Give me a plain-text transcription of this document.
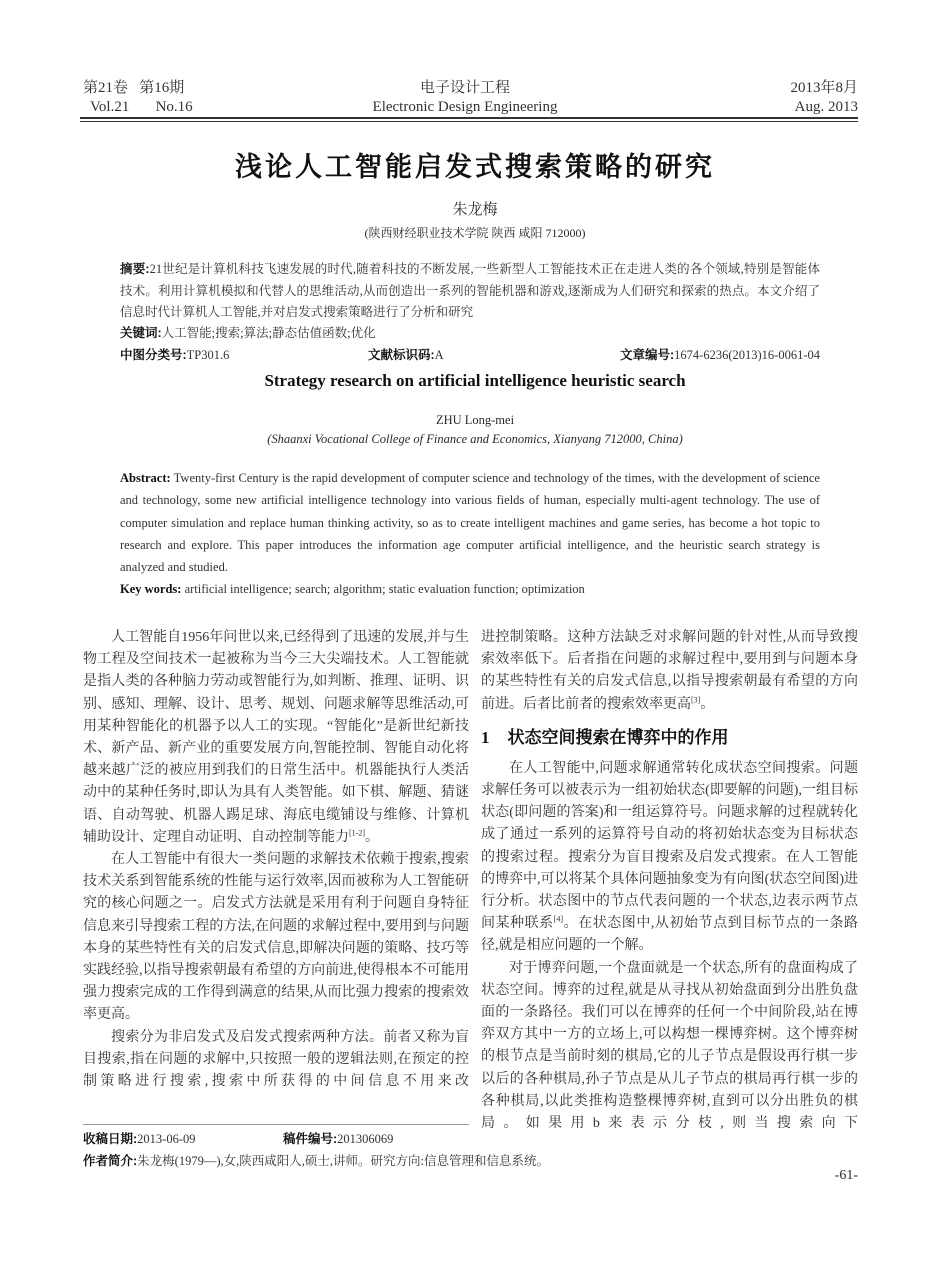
第21卷 第16期
Vol.21 No.16
电子设计工程
Electronic Design Engineering
2013年8月
Aug. 2013
浅论人工智能启发式搜索策略的研究
朱龙梅
(陕西财经职业技术学院 陕西 咸阳 712000)
摘要:21世纪是计算机科技飞速发展的时代,随着科技的不断发展,一些新型人工智能技术正在走进人类的各个领域,特别是智能体技术。利用计算机模拟和代替人的思维活动,从而创造出一系列的智能机器和游戏,逐渐成为人们研究和探索的热点。本文介绍了信息时代计算机人工智能,并对启发式搜索策略进行了分析和研究
关键词:人工智能;搜索;算法;静态估值函数;优化
中图分类号:TP301.6	文献标识码:A	文章编号:1674-6236(2013)16-0061-04
Strategy research on artificial intelligence heuristic search
ZHU Long-mei
(Shaanxi Vocational College of Finance and Economics, Xianyang 712000, China)
Abstract: Twenty-first Century is the rapid development of computer science and technology of the times, with the development of science and technology, some new artificial intelligence technology into various fields of human, especially multi-agent technology. The use of computer simulation and replace human thinking activity, so as to create intelligent machines and game series, has become a hot topic to research and explore. This paper introduces the information age computer artificial intelligence, and the heuristic search strategy is analyzed and studied.
Key words: artificial intelligence; search; algorithm; static evaluation function; optimization

人工智能自1956年问世以来,已经得到了迅速的发展,并与生物工程及空间技术一起被称为当今三大尖端技术。人工智能就是指人类的各种脑力劳动或智能行为,如判断、推理、证明、识别、感知、理解、设计、思考、规划、问题求解等思维活动,可用某种智能化的机器予以人工的实现。“智能化”是新世纪新技术、新产品、新产业的重要发展方向,智能控制、智能自动化将越来越广泛的被应用到我们的日常生活中。机器能执行人类活动中的某种任务时,即认为具有人类智能。如下棋、解题、猜谜语、自动驾驶、机器人踢足球、海底电缆铺设与维修、计算机辅助设计、定理自动证明、自动控制等能力[1-2]。

在人工智能中有很大一类问题的求解技术依赖于搜索,搜索技术关系到智能系统的性能与运行效率,因而被称为人工智能研究的核心问题之一。启发式方法就是采用有利于问题自身特征信息来引导搜索工程的方法,在问题的求解过程中,要用到与问题本身的某些特性有关的启发式信息,即解决问题的策略、技巧等实践经验,以指导搜索朝最有希望的方向前进,使得根本不可能用强力搜索完成的工作得到满意的结果,从而比强力搜索的搜索效率更高。

搜索分为非启发式及启发式搜索两种方法。前者又称为盲目搜索,指在问题的求解中,只按照一般的逻辑法则,在预定的控制策略进行搜索,搜索中所获得的中间信息不用来改

进控制策略。这种方法缺乏对求解问题的针对性,从而导致搜索效率低下。后者指在问题的求解过程中,要用到与问题本身的某些特性有关的启发式信息,以指导搜索朝最有希望的方向前进。后者比前者的搜索效率更高[3]。

1 状态空间搜索在博弈中的作用

在人工智能中,问题求解通常转化成状态空间搜索。问题求解任务可以被表示为一组初始状态(即要解的问题),一组目标状态(即问题的答案)和一组运算符号。问题求解的过程就转化成了通过一系列的运算符号自动的将初始状态变为目标状态的搜索过程。搜索分为盲目搜索及启发式搜索。在人工智能的博弈中,可以将某个具体问题抽象变为有向图(状态空间图)进行分析。状态图中的节点代表问题的一个状态,边表示两节点间某种联系[4]。在状态图中,从初始节点到目标节点的一条路径,就是相应问题的一个解。

对于博弈问题,一个盘面就是一个状态,所有的盘面构成了状态空间。博弈的过程,就是从寻找从初始盘面到分出胜负盘面的一条路径。我们可以在博弈的任何一个中间阶段,站在博弈双方其中一方的立场上,可以构想一棵博弈树。这个博弈树的根节点是当前时刻的棋局,它的儿子节点是假设再行棋一步以后的各种棋局,孙子节点是从儿子节点的棋局再行棋一步的各种棋局,以此类推构造整棵博弈树,直到可以分出胜负的棋局。如果用b来表示分枝,则当搜索向下

收稿日期:2013-06-09	稿件编号:201306069
作者简介:朱龙梅(1979—),女,陕西咸阳人,硕士,讲师。研究方向:信息管理和信息系统。
-61-
